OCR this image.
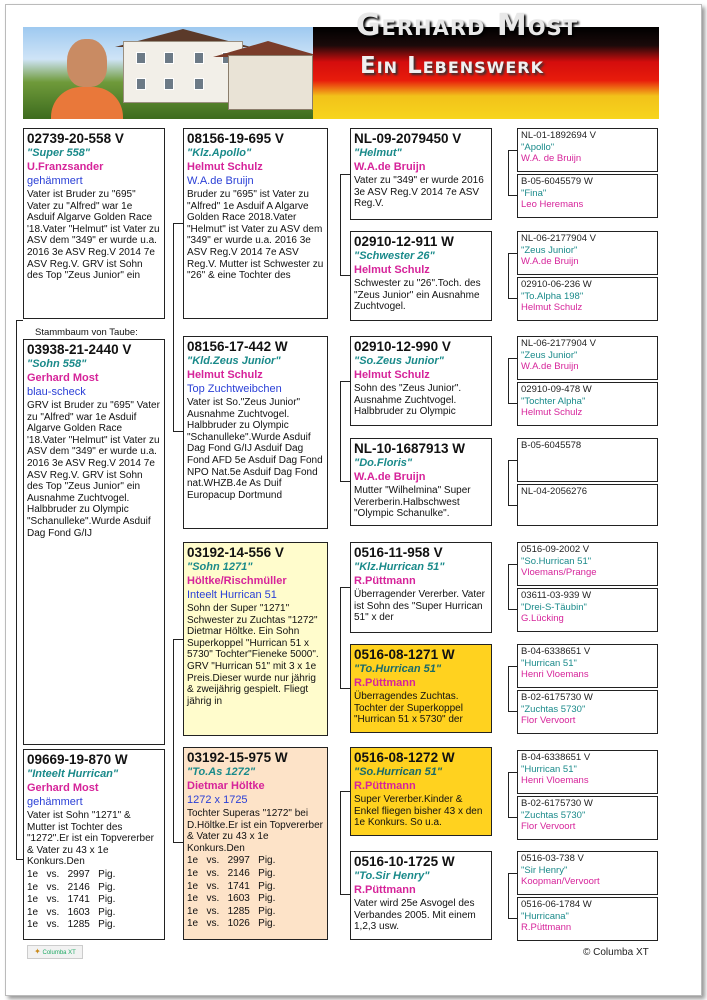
Gerhard Most
Ein Lebenswerk
02739-20-558 V
"Super 558"
U.Franzsander
gehämmert
Vater ist Bruder zu "695" Vater zu "Alfred" war 1e Asduif Algarve Golden Race '18.Vater "Helmut" ist Vater zu ASV dem "349" er wurde u.a. 2016 3e ASV Reg.V 2014 7e ASV Reg.V. GRV ist Sohn des Top "Zeus Junior" ein
Stammbaum von Taube:
03938-21-2440 V
"Sohn 558"
Gerhard Most
blau-scheck
GRV ist Bruder zu "695" Vater zu "Alfred" war 1e Asduif Algarve Golden Race '18.Vater "Helmut" ist Vater zu ASV dem "349" er wurde u.a. 2016 3e ASV Reg.V 2014 7e ASV Reg.V. GRV ist Sohn des Top "Zeus Junior" ein Ausnahme Zuchtvogel. Halbbruder zu Olympic "Schanulleke".Wurde Asduif Dag Fond G/IJ
09669-19-870 W
"Inteelt Hurrican"
Gerhard Most
gehämmert
Vater ist Sohn "1271" & Mutter ist Tochter des "1272".Er ist ein Topvererber & Vater zu 43 x 1e Konkurs.Den
1e   vs.   2997   Pig.
1e   vs.   2146   Pig.
1e   vs.   1741   Pig.
1e   vs.   1603   Pig.
1e   vs.   1285   Pig.
08156-19-695 V
"Klz.Apollo"
Helmut Schulz
W.A.de Bruijn
Bruder zu "695" ist Vater zu "Alfred" 1e Asduif A Algarve Golden Race 2018.Vater "Helmut" ist Vater zu ASV dem "349" er wurde u.a. 2016 3e ASV Reg.V 2014 7e ASV Reg.V. Mutter ist Schwester zu "26" & eine Tochter des
08156-17-442 W
"Kld.Zeus Junior"
Helmut Schulz
Top Zuchtweibchen
Vater ist So."Zeus Junior" Ausnahme Zuchtvogel. Halbbruder zu Olympic "Schanulleke".Wurde Asduif Dag Fond G/IJ Asduif Dag Fond AFD 5e Asduif Dag Fond NPO Nat.5e Asduif Dag Fond nat.WHZB.4e As Duif Europacup Dortmund
03192-14-556 V
"Sohn 1271"
Höltke/Rischmüller
Inteelt Hurrican 51
Sohn der Super "1271" Schwester zu Zuchtas "1272" Dietmar Höltke. Ein Sohn Superkoppel "Hurrican 51 x 5730" Tochter"Fieneke 5000". GRV "Hurrican 51" mit 3 x 1e Preis.Dieser wurde nur jährig & zweijährig gespielt. Fliegt jährig in
03192-15-975 W
"To.As 1272"
Dietmar Höltke
1272 x 1725
Tochter Superas "1272" bei D.Höltke.Er ist ein Topvererber & Vater zu 43 x 1e Konkurs.Den
1e   vs.   2997   Pig.
1e   vs.   2146   Pig.
1e   vs.   1741   Pig.
1e   vs.   1603   Pig.
1e   vs.   1285   Pig.
1e   vs.   1026   Pig.
NL-09-2079450 V
"Helmut"
W.A.de Bruijn
Vater zu "349" er wurde 2016 3e ASV Reg.V 2014 7e ASV Reg.V.
02910-12-911 W
"Schwester 26"
Helmut Schulz
Schwester zu "26".Toch. des "Zeus Junior" ein Ausnahme Zuchtvogel.
02910-12-990 V
"So.Zeus Junior"
Helmut Schulz
Sohn des "Zeus Junior". Ausnahme Zuchtvogel. Halbbruder zu Olympic
NL-10-1687913 W
"Do.Floris"
W.A.de Bruijn
Mutter "Wilhelmina" Super Vererberin.Halbschwest "Olympic Schanulke".
0516-11-958 V
"Klz.Hurrican 51"
R.Püttmann
Überragender Vererber. Vater ist Sohn des "Super Hurrican 51" x der
0516-08-1271 W
"To.Hurrican 51"
R.Püttmann
Überragendes Zuchtas. Tochter der Superkoppel "Hurrican 51 x 5730" der
0516-08-1272 W
"So.Hurrican 51"
R.Püttmann
Super Vererber.Kinder & Enkel fliegen bisher 43 x den 1e Konkurs. So u.a.
0516-10-1725 W
"To.Sir Henry"
R.Püttmann
Vater wird 25e Asvogel des Verbandes 2005. Mit einem 1,2,3 usw.
NL-01-1892694 V
"Apollo"
W.A. de Bruijn
B-05-6045579 W
"Fina"
Leo Heremans
NL-06-2177904 V
"Zeus Junior"
W.A.de Bruijn
02910-06-236 W
"To.Alpha 198"
Helmut Schulz
NL-06-2177904 V
"Zeus Junior"
W.A.de Bruijn
02910-09-478 W
"Tochter Alpha"
Helmut Schulz
B-05-6045578
NL-04-2056276
0516-09-2002 V
"So.Hurrican 51"
Vloemans/Prange
03611-03-939 W
"Drei-S-Täubin"
G.Lücking
B-04-6338651 V
"Hurrican 51"
Henri Vloemans
B-02-6175730 W
"Zuchtas 5730"
Flor Vervoort
B-04-6338651 V
"Hurrican 51"
Henri Vloemans
B-02-6175730 W
"Zuchtas 5730"
Flor Vervoort
0516-03-738 V
"Sir Henry"
Koopman/Vervoort
0516-06-1784 W
"Hurricana"
R.Püttmann
✦ Columba XT	© Columba XT
